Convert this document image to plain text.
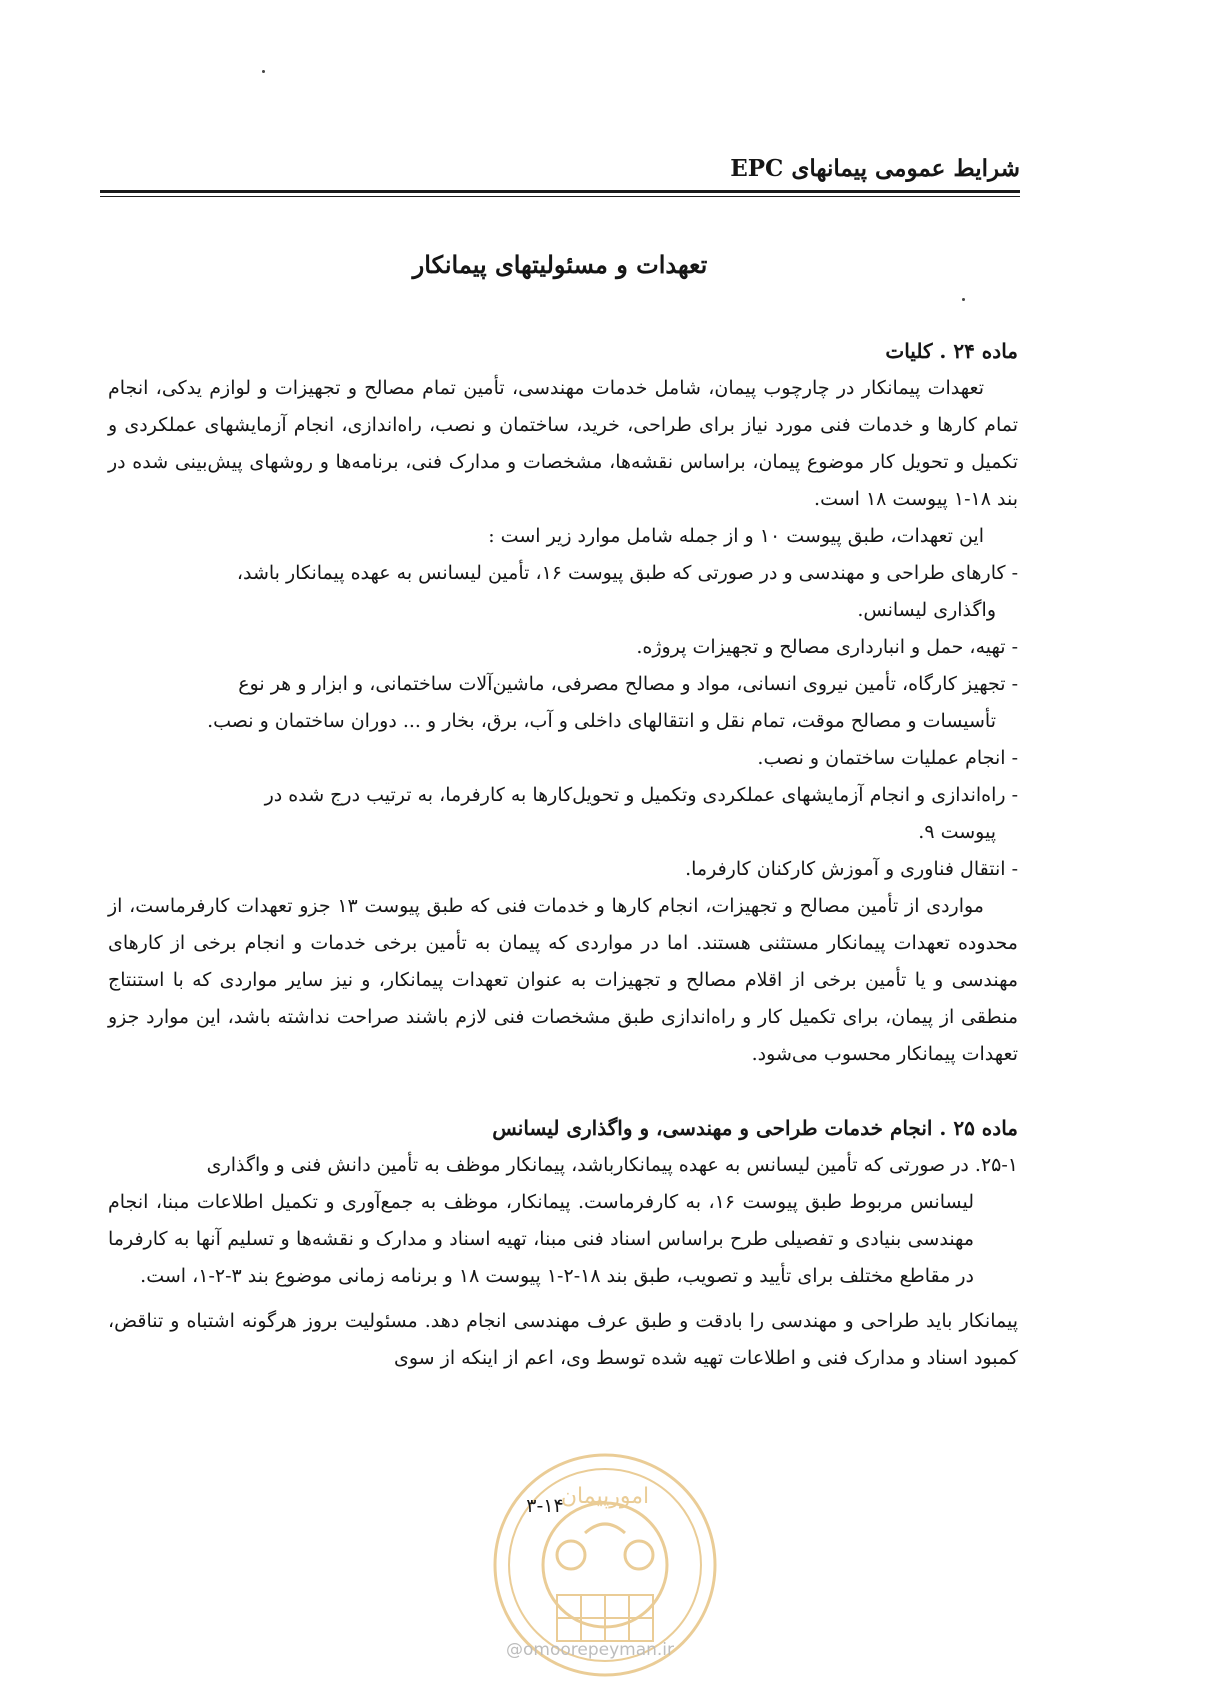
شرایط عمومی پیمانهای EPC
تعهدات و مسئولیتهای پیمانکار

ماده ۲۴ . کلیات

تعهدات پیمانکار در چارچوب پیمان، شامل خدمات مهندسی، تأمین تمام مصالح و تجهیزات و لوازم یدکی، انجام تمام کارها و خدمات فنی مورد نیاز برای طراحی، خرید، ساختمان و نصب، راه‌اندازی، انجام آزمایشهای عملکردی و تکمیل و تحویل کار موضوع پیمان، براساس نقشه‌ها، مشخصات و مدارک فنی، برنامه‌ها و روشهای پیش‌بینی شده در بند ۱۸-۱ پیوست ۱۸ است.

این تعهدات، طبق پیوست ۱۰ و از جمله شامل موارد زیر است :

- کارهای طراحی و مهندسی و در صورتی که طبق پیوست ۱۶، تأمین لیسانس به عهده پیمانکار باشد،
واگذاری لیسانس.
- تهیه، حمل و انبارداری مصالح و تجهیزات پروژه.
- تجهیز کارگاه، تأمین نیروی انسانی، مواد و مصالح مصرفی، ماشین‌آلات ساختمانی، و ابزار و هر نوع
تأسیسات و مصالح موقت، تمام نقل و انتقالهای داخلی و آب، برق، بخار و ... دوران ساختمان و نصب.
- انجام عملیات ساختمان و نصب.
- راه‌اندازی و انجام آزمایشهای عملکردی وتکمیل و تحویل‌کارها به کارفرما، به ترتیب درج شده در
پیوست ۹.
- انتقال فناوری و آموزش کارکنان کارفرما.

مواردی از تأمین مصالح و تجهیزات، انجام کارها و خدمات فنی که طبق پیوست ۱۳ جزو تعهدات کارفرماست، از محدوده تعهدات پیمانکار مستثنی هستند. اما در مواردی که پیمان به تأمین برخی خدمات و انجام برخی از کارهای مهندسی و یا تأمین برخی از اقلام مصالح و تجهیزات به عنوان تعهدات پیمانکار، و نیز سایر مواردی که با استنتاج منطقی از پیمان، برای تکمیل کار و راه‌اندازی طبق مشخصات فنی لازم باشند صراحت نداشته باشد، این موارد جزو تعهدات پیمانکار محسوب می‌شود.

ماده ۲۵ . انجام خدمات طراحی و مهندسی، و واگذاری لیسانس

۲۵-۱. در صورتی که تأمین لیسانس به عهده پیمانکارباشد، پیمانکار موظف به تأمین دانش فنی و واگذاری
لیسانس مربوط طبق پیوست ۱۶، به کارفرماست. پیمانکار، موظف به جمع‌آوری و تکمیل اطلاعات مبنا، انجام مهندسی بنیادی و تفصیلی طرح براساس اسناد فنی مبنا، تهیه اسناد و مدارک و نقشه‌ها و تسلیم آنها به کارفرما در مقاطع مختلف برای تأیید و تصویب، طبق بند ۱۸-۲-۱ پیوست ۱۸ و برنامه زمانی موضوع بند ۳-۲-۱، است.

پیمانکار باید طراحی و مهندسی را بادقت و طبق عرف مهندسی انجام دهد. مسئولیت بروز هرگونه اشتباه و تناقض، کمبود اسناد و مدارک فنی و اطلاعات تهیه شده توسط وی، اعم از اینکه از سوی

امورپیمان
۳-۱۴
@omoorepeyman.ir
